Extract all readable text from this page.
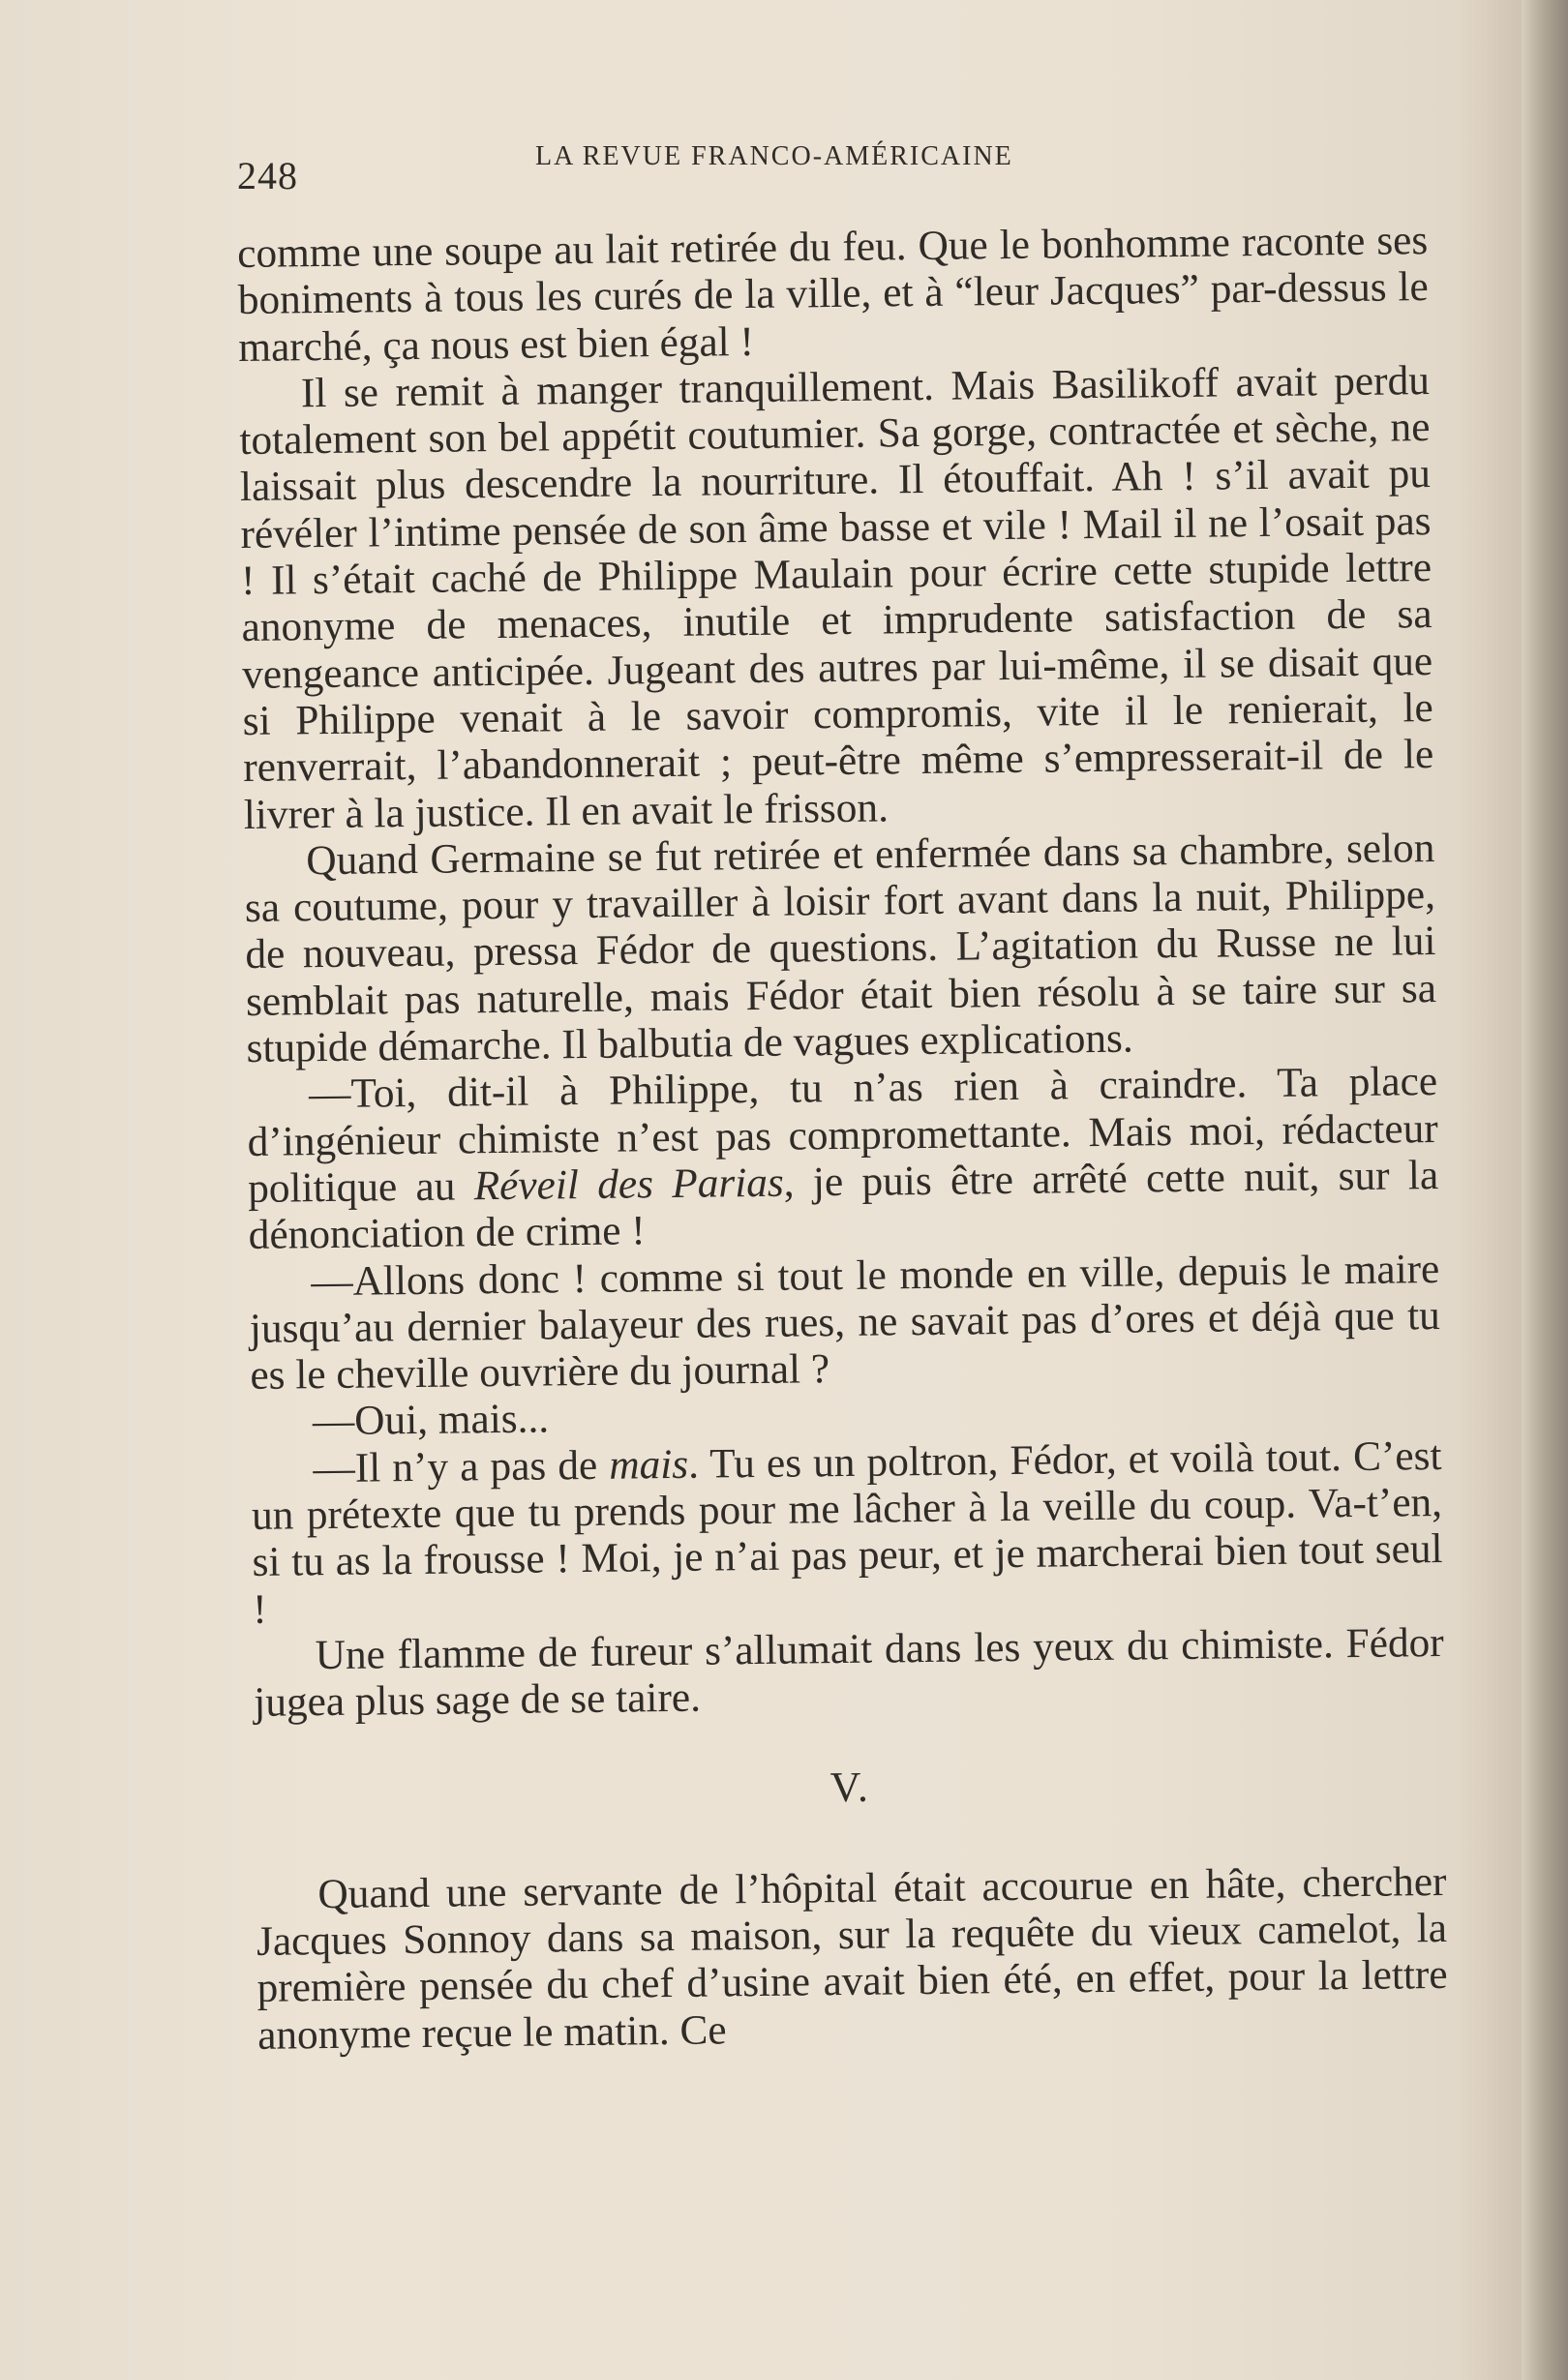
248	LA REVUE FRANCO-AMÉRICAINE

comme une soupe au lait retirée du feu. Que le bonhomme raconte ses boniments à tous les curés de la ville, et à “leur Jacques” par-dessus le marché, ça nous est bien égal !

Il se remit à manger tranquillement. Mais Basilikoff avait perdu totalement son bel appétit coutumier. Sa gorge, contractée et sèche, ne laissait plus descendre la nourriture. Il étouffait. Ah ! s’il avait pu révéler l’intime pensée de son âme basse et vile ! Mail il ne l’osait pas ! Il s’était caché de Philippe Maulain pour écrire cette stupide lettre anonyme de menaces, inutile et imprudente satisfaction de sa vengeance anticipée. Jugeant des autres par lui-même, il se disait que si Philippe venait à le savoir compromis, vite il le renierait, le renverrait, l’abandonnerait ; peut-être même s’empresserait-il de le livrer à la justice. Il en avait le frisson.

Quand Germaine se fut retirée et enfermée dans sa chambre, selon sa coutume, pour y travailler à loisir fort avant dans la nuit, Philippe, de nouveau, pressa Fédor de questions. L’agitation du Russe ne lui semblait pas naturelle, mais Fédor était bien résolu à se taire sur sa stupide démarche. Il balbutia de vagues explications.

—Toi, dit-il à Philippe, tu n’as rien à craindre. Ta place d’ingénieur chimiste n’est pas compromettante. Mais moi, rédacteur politique au Réveil des Parias, je puis être arrêté cette nuit, sur la dénonciation de crime !

—Allons donc ! comme si tout le monde en ville, depuis le maire jusqu’au dernier balayeur des rues, ne savait pas d’ores et déjà que tu es le cheville ouvrière du journal ?

—Oui, mais...

—Il n’y a pas de mais. Tu es un poltron, Fédor, et voilà tout. C’est un prétexte que tu prends pour me lâcher à la veille du coup. Va-t’en, si tu as la frousse ! Moi, je n’ai pas peur, et je marcherai bien tout seul !

Une flamme de fureur s’allumait dans les yeux du chimiste. Fédor jugea plus sage de se taire.

V.

Quand une servante de l’hôpital était accourue en hâte, chercher Jacques Sonnoy dans sa maison, sur la requête du vieux camelot, la première pensée du chef d’usine avait bien été, en effet, pour la lettre anonyme reçue le matin. Ce
